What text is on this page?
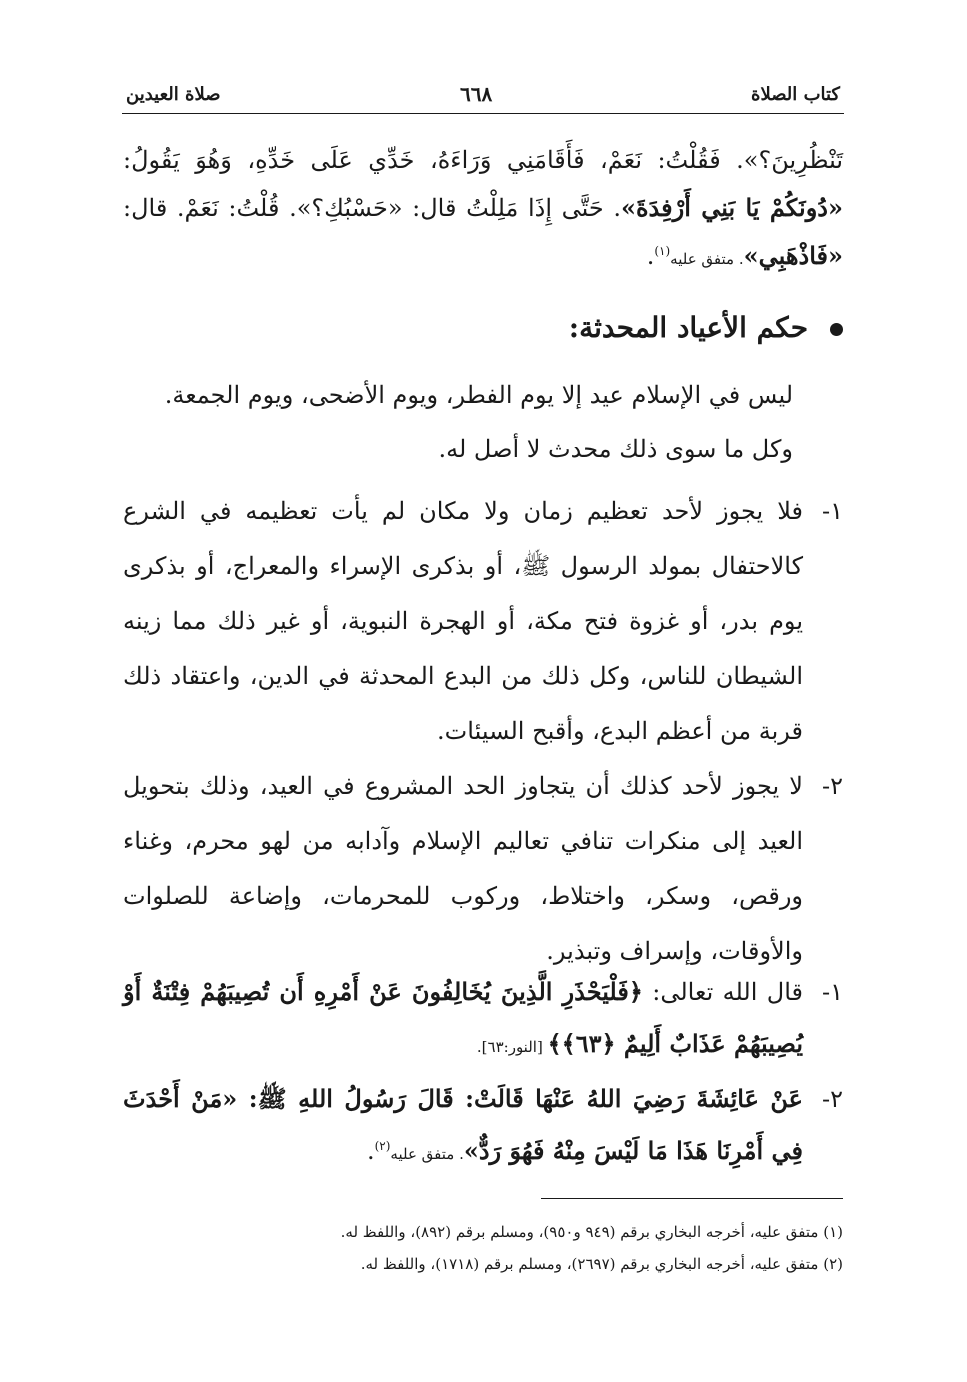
كتاب الصلاة
٦٦٨
صلاة العيدين
تَنْظُرِينَ؟». فَقُلْتُ: نَعَمْ، فَأَقَامَنِي وَرَاءَهُ، خَدِّي عَلَى خَدِّهِ، وَهُوَ يَقُولُ: «دُونَكُمْ يَا بَنِي أَرْفِدَةَ». حَتَّى إِذَا مَلِلْتُ قال: «حَسْبُكِ؟». قُلْتُ: نَعَمْ. قال: «فَاذْهَبِي». متفق عليه$^{(١)}$.
حكم الأعياد المحدثة:
ليس في الإسلام عيد إلا يوم الفطر، ويوم الأضحى، ويوم الجمعة.
وكل ما سوى ذلك محدث لا أصل له.
١-
فلا يجوز لأحد تعظيم زمان ولا مكان لم يأت تعظيمه في الشرع كالاحتفال بمولد الرسول ﷺ، أو بذكرى الإسراء والمعراج، أو بذكرى يوم بدر، أو غزوة فتح مكة، أو الهجرة النبوية، أو غير ذلك مما زينه الشيطان للناس، وكل ذلك من البدع المحدثة في الدين، واعتقاد ذلك قربة من أعظم البدع، وأقبح السيئات.
٢-
لا يجوز لأحد كذلك أن يتجاوز الحد المشروع في العيد، وذلك بتحويل العيد إلى منكرات تنافي تعاليم الإسلام وآدابه من لهو محرم، وغناء ورقص، وسكر، واختلاط، وركوب للمحرمات، وإضاعة للصلوات والأوقات، وإسراف وتبذير.
١-
قال الله تعالى: ﴿فَلْيَحْذَرِ الَّذِينَ يُخَالِفُونَ عَنْ أَمْرِهِ أَن تُصِيبَهُمْ فِتْنَةٌ أَوْ يُصِيبَهُمْ عَذَابٌ أَلِيمٌ ﴿٦٣﴾﴾ [النور:٦٣].
٢-
عَنْ عَائِشَةَ رَضِيَ اللهُ عَنْهَا قَالَتْ: قَالَ رَسُولُ اللهِ ﷺ: «مَنْ أَحْدَثَ فِي أَمْرِنَا هَذَا مَا لَيْسَ مِنْهُ فَهُوَ رَدٌّ». متفق عليه$^{(٢)}$.
(١) متفق عليه، أخرجه البخاري برقم (٩٤٩ و٩٥٠)، ومسلم برقم (٨٩٢)، واللفظ له.
(٢) متفق عليه، أخرجه البخاري برقم (٢٦٩٧)، ومسلم برقم (١٧١٨)، واللفظ له.
